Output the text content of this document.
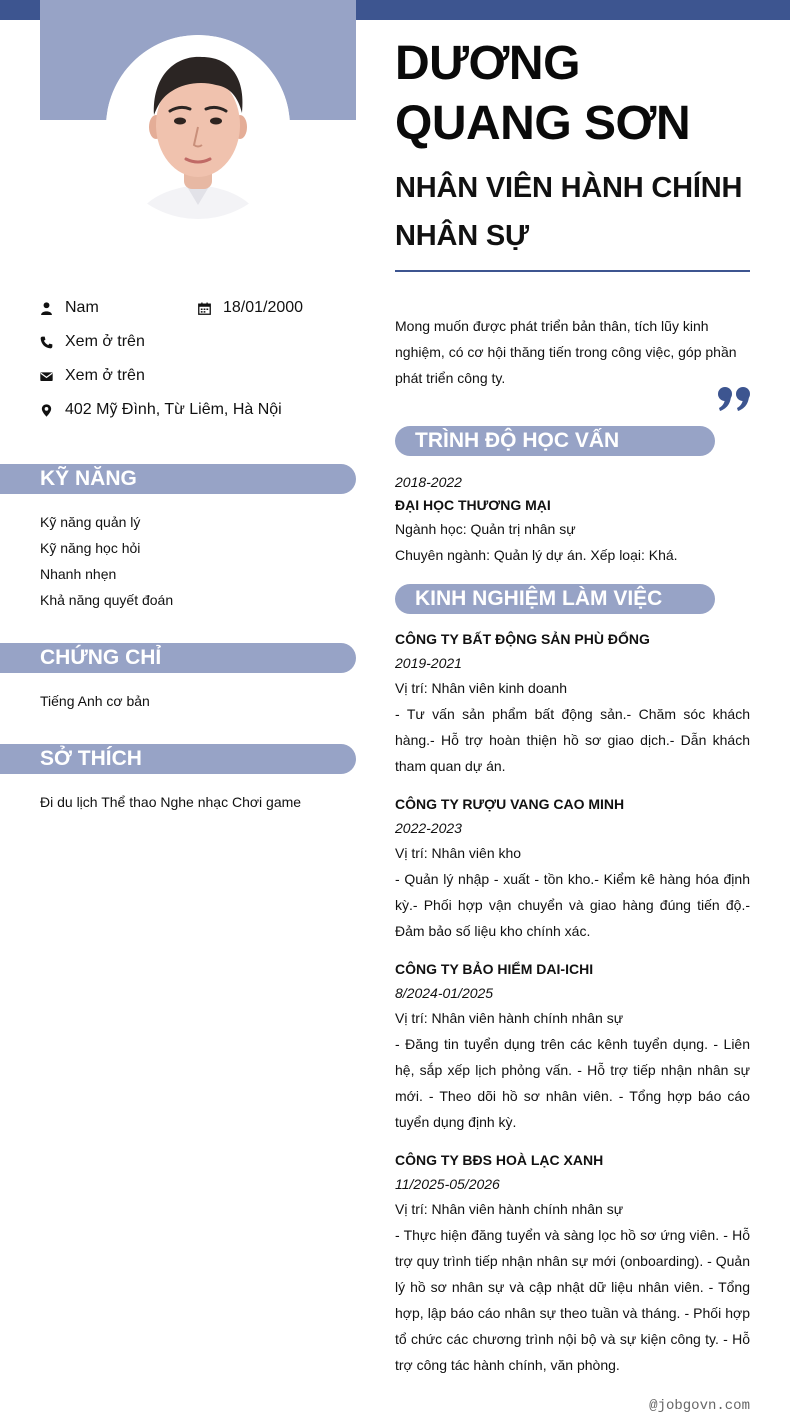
DƯƠNG QUANG SƠN
NHÂN VIÊN HÀNH CHÍNH NHÂN SỰ
Nam	18/01/2000
Xem ở trên
Xem ở trên
402 Mỹ Đình, Từ Liêm, Hà Nội
KỸ NĂNG
Kỹ năng quản lý
Kỹ năng học hỏi
Nhanh nhẹn
Khả năng quyết đoán
CHỨNG CHỈ
Tiếng Anh cơ bản
SỞ THÍCH
Đi du lịch Thể thao Nghe nhạc Chơi game
Mong muốn được phát triển bản thân, tích lũy kinh nghiệm, có cơ hội thăng tiến trong công việc, góp phần phát triển công ty.
TRÌNH ĐỘ HỌC VẤN
2018-2022
ĐẠI HỌC THƯƠNG MẠI
Ngành học: Quản trị nhân sự
Chuyên ngành: Quản lý dự án. Xếp loại: Khá.
KINH NGHIỆM LÀM VIỆC
CÔNG TY BẤT ĐỘNG SẢN PHÙ ĐỔNG
2019-2021
Vị trí: Nhân viên kinh doanh
- Tư vấn sản phẩm bất động sản.- Chăm sóc khách hàng.- Hỗ trợ hoàn thiện hồ sơ giao dịch.- Dẫn khách tham quan dự án.
CÔNG TY RƯỢU VANG CAO MINH
2022-2023
Vị trí: Nhân viên kho
- Quản lý nhập - xuất - tồn kho.- Kiểm kê hàng hóa định kỳ.- Phối hợp vận chuyển và giao hàng đúng tiến độ.- Đảm bảo số liệu kho chính xác.
CÔNG TY BẢO HIỂM DAI-ICHI
8/2024-01/2025
Vị trí: Nhân viên hành chính nhân sự
- Đăng tin tuyển dụng trên các kênh tuyển dụng. - Liên hệ, sắp xếp lịch phỏng vấn. - Hỗ trợ tiếp nhận nhân sự mới. - Theo dõi hồ sơ nhân viên. - Tổng hợp báo cáo tuyển dụng định kỳ.
CÔNG TY BĐS HOÀ LẠC XANH
11/2025-05/2026
Vị trí: Nhân viên hành chính nhân sự
- Thực hiện đăng tuyển và sàng lọc hồ sơ ứng viên. - Hỗ trợ quy trình tiếp nhận nhân sự mới (onboarding). - Quản lý hồ sơ nhân sự và cập nhật dữ liệu nhân viên. - Tổng hợp, lập báo cáo nhân sự theo tuần và tháng. - Phối hợp tổ chức các chương trình nội bộ và sự kiện công ty. - Hỗ trợ công tác hành chính, văn phòng.
@jobgovn.com
